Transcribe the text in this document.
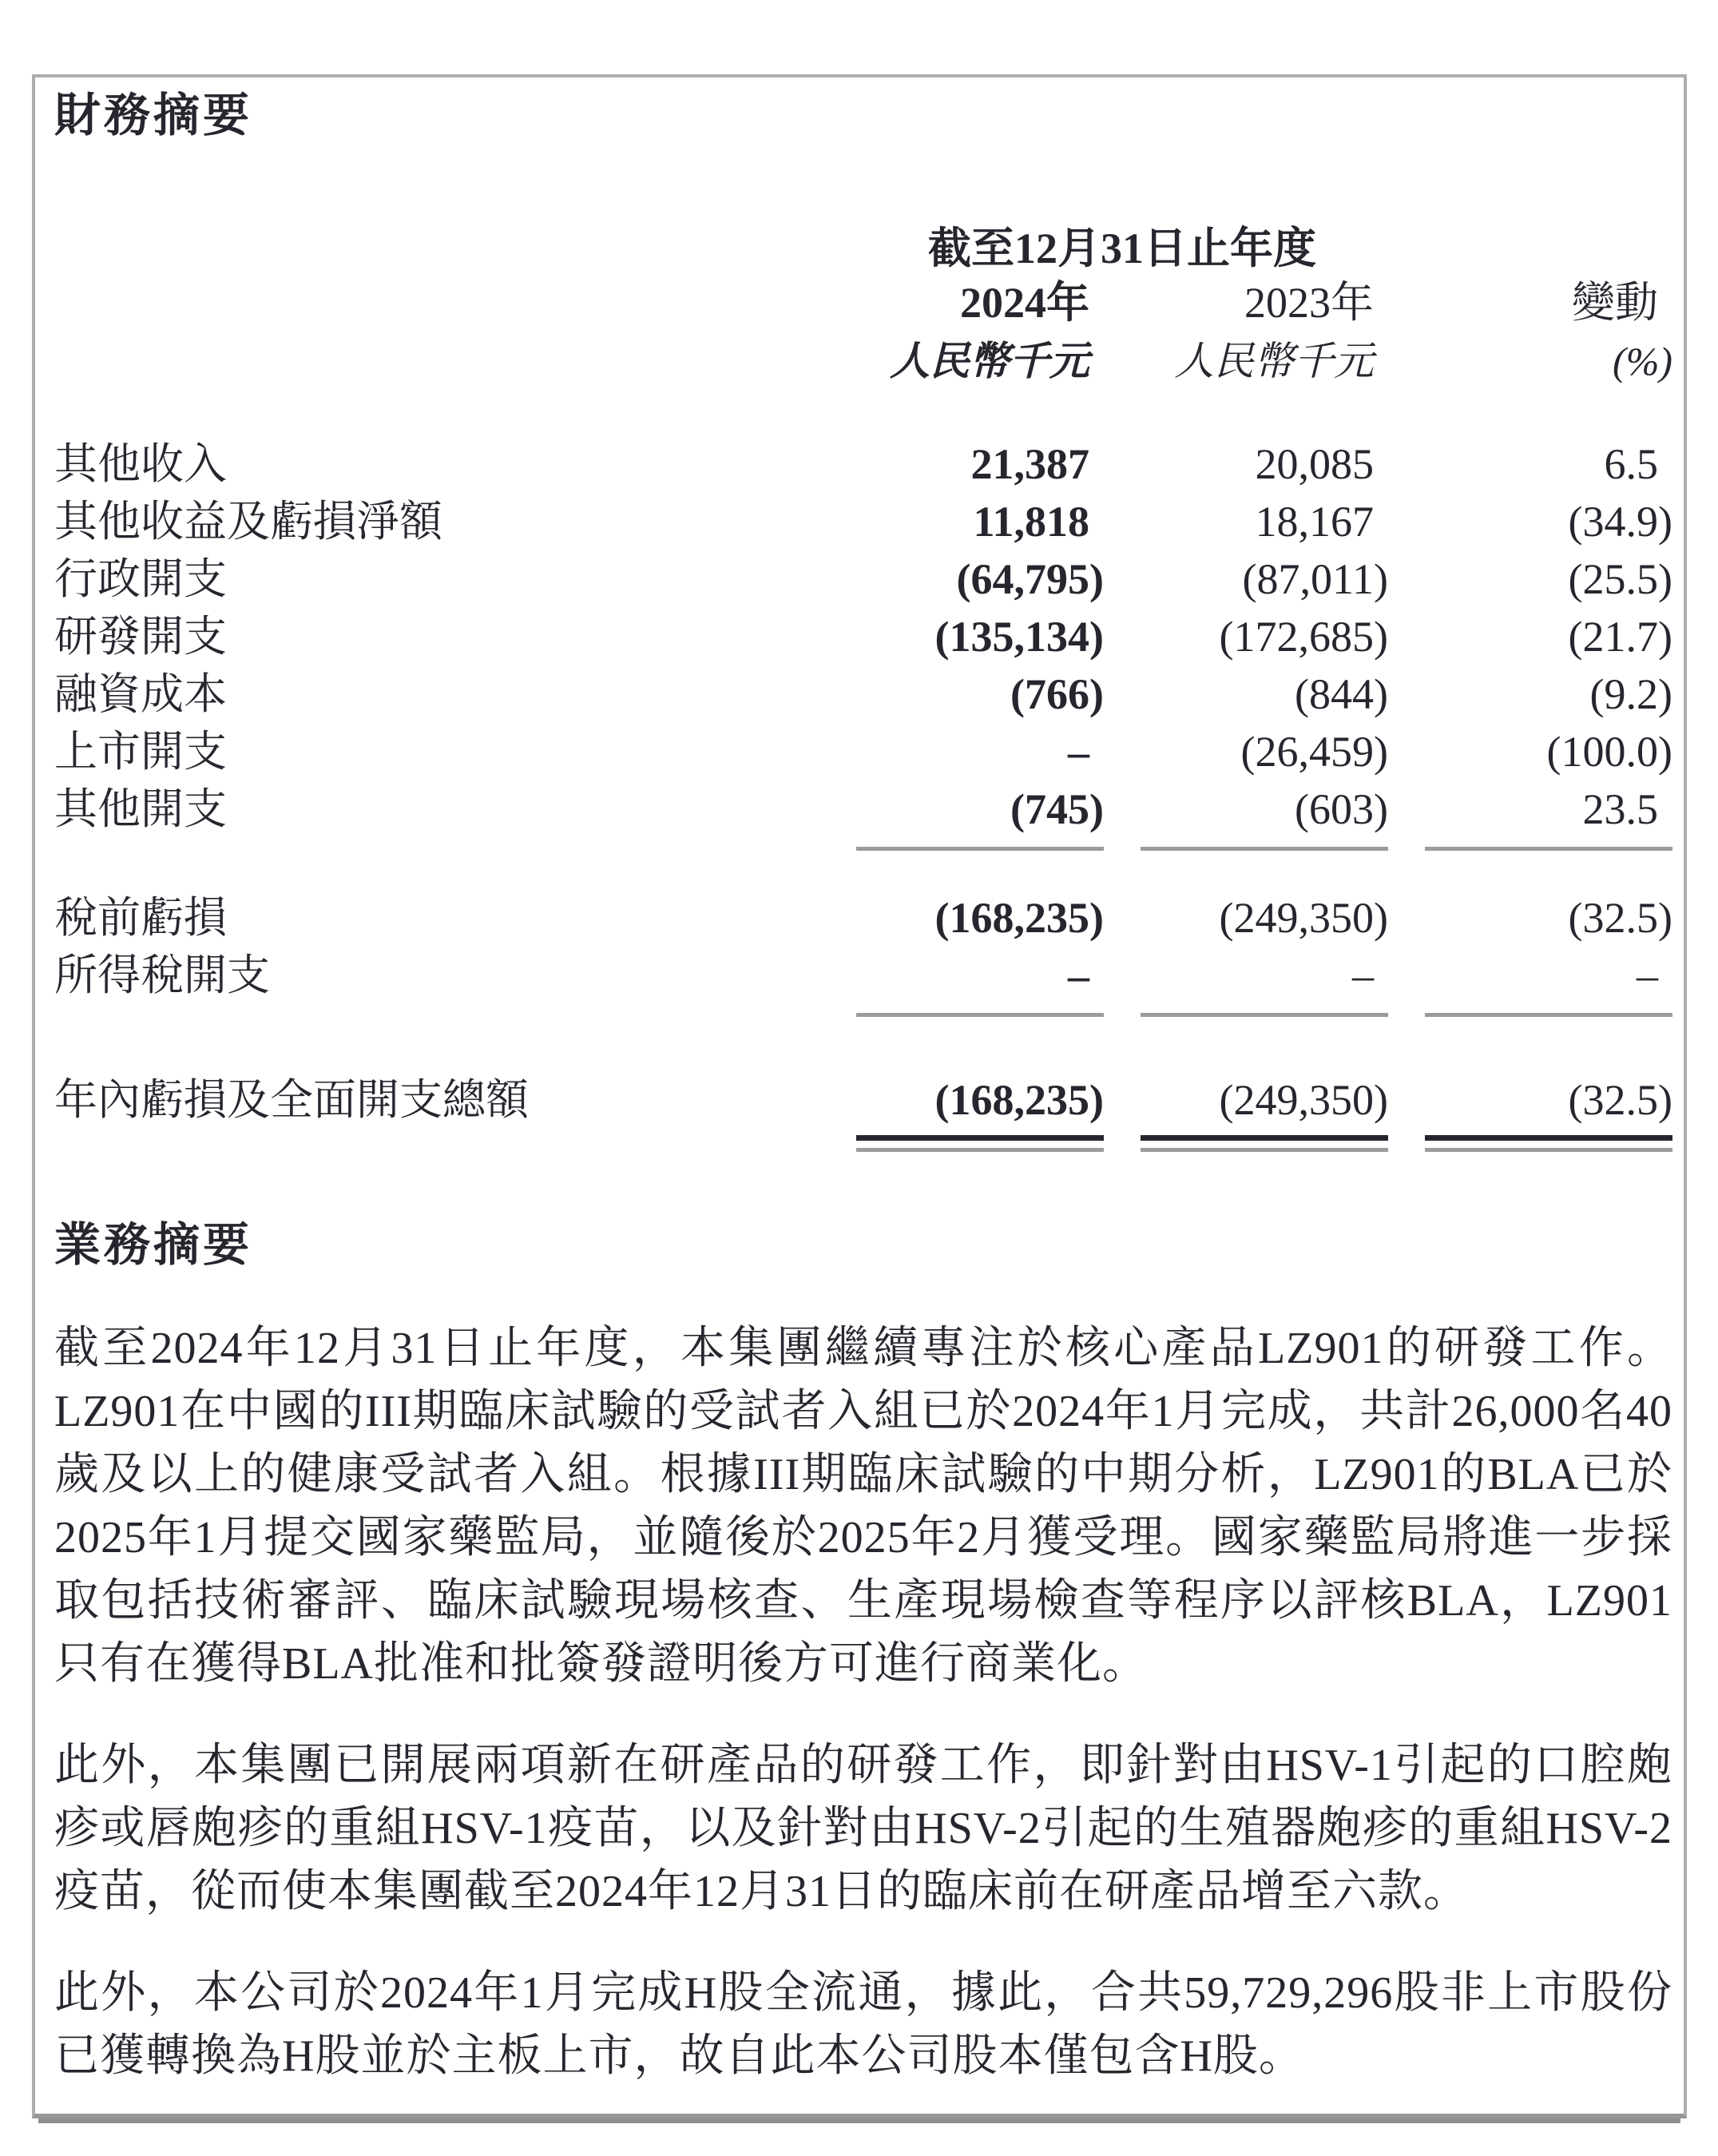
財務摘要
截至12月31日止年度
2024年	2023年	變動
人民幣千元	人民幣千元	(%)
其他收入	21,387	20,085	6.5
其他收益及虧損淨額	11,818	18,167	(34.9)
行政開支	(64,795)	(87,011)	(25.5)
研發開支	(135,134)	(172,685)	(21.7)
融資成本	(766)	(844)	(9.2)
上市開支	–	(26,459)	(100.0)
其他開支	(745)	(603)	23.5
稅前虧損	(168,235)	(249,350)	(32.5)
所得稅開支	–	–	–
年內虧損及全面開支總額	(168,235)	(249,350)	(32.5)
業務摘要

截至2024年12月31日止年度，本集團繼續專注於核心產品LZ901的研發工作。LZ901在中國的III期臨床試驗的受試者入組已於2024年1月完成，共計26,000名40歲及以上的健康受試者入組。根據III期臨床試驗的中期分析，LZ901的BLA已於2025年1月提交國家藥監局，並隨後於2025年2月獲受理。國家藥監局將進一步採取包括技術審評、臨床試驗現場核查、生產現場檢查等程序以評核BLA，LZ901只有在獲得BLA批准和批簽發證明後方可進行商業化。

此外，本集團已開展兩項新在研產品的研發工作，即針對由HSV-1引起的口腔皰疹或唇皰疹的重組HSV-1疫苗，以及針對由HSV-2引起的生殖器皰疹的重組HSV-2疫苗，從而使本集團截至2024年12月31日的臨床前在研產品增至六款。

此外，本公司於2024年1月完成H股全流通，據此，合共59,729,296股非上市股份已獲轉換為H股並於主板上市，故自此本公司股本僅包含H股。
